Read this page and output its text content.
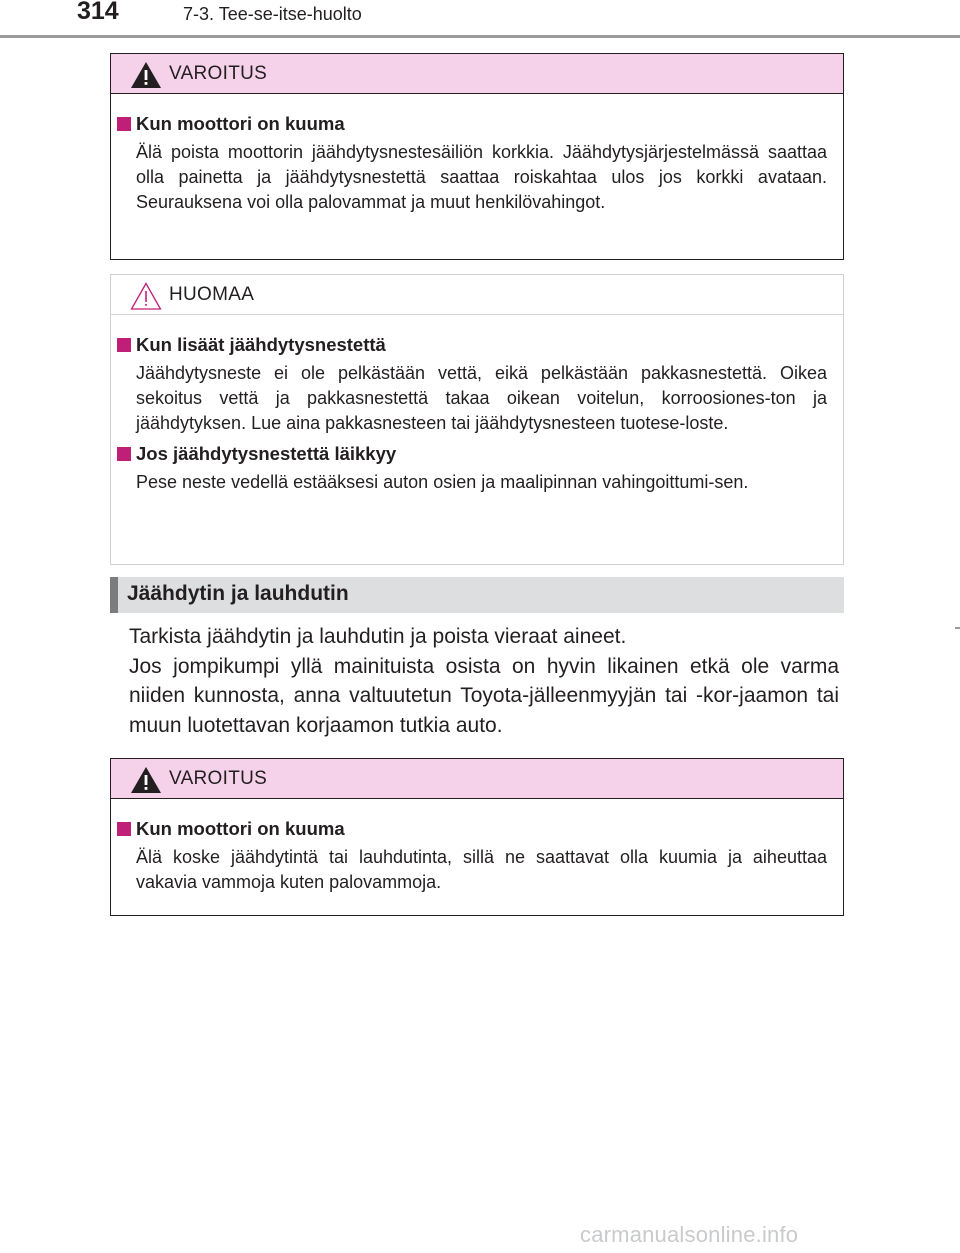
314	7-3. Tee-se-itse-huolto
VAROITUS
Kun moottori on kuuma
Älä poista moottorin jäähdytysnestesäiliön korkkia. Jäähdytysjärjestelmässä saattaa olla painetta ja jäähdytysnestettä saattaa roiskahtaa ulos jos korkki avataan. Seurauksena voi olla palovammat ja muut henkilövahingot.
HUOMAA
Kun lisäät jäähdytysnestettä
Jäähdytysneste ei ole pelkästään vettä, eikä pelkästään pakkasnestettä. Oikea sekoitus vettä ja pakkasnestettä takaa oikean voitelun, korroosiones-ton ja jäähdytyksen. Lue aina pakkasnesteen tai jäähdytysnesteen tuotese-loste.
Jos jäähdytysnestettä läikkyy
Pese neste vedellä estääksesi auton osien ja maalipinnan vahingoittumi-sen.
Jäähdytin ja lauhdutin

Tarkista jäähdytin ja lauhdutin ja poista vieraat aineet.

Jos jompikumpi yllä mainituista osista on hyvin likainen etkä ole varma niiden kunnosta, anna valtuutetun Toyota-jälleenmyyjän tai -kor-jaamon tai muun luotettavan korjaamon tutkia auto.

VAROITUS
Kun moottori on kuuma
Älä koske jäähdytintä tai lauhdutinta, sillä ne saattavat olla kuumia ja aiheuttaa vakavia vammoja kuten palovammoja.
carmanualsonline.info
